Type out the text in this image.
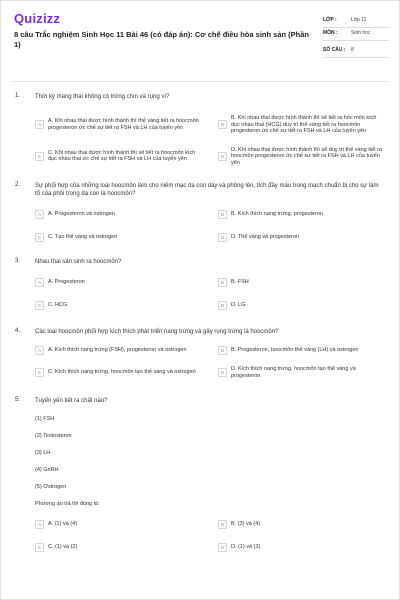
Quizizz
8 câu Trắc nghiệm Sinh Học 11 Bài 46 (có đáp án): Cơ chế điều hòa sinh sản (Phần 1)
LỚP :	Lớp 11
MÔN :	Sinh học
SỐ CÂU :	8
1. Thời kỳ mang thai không có trứng chín và rụng vì?
A
A. Khi nhau thai được hình thành thì thể vàng tiết ra hoocmôn progesteron ức chế sự tiết ra FSH và LH của tuyến yên	B
B. Khi nhau thai được hình thành thì sẽ tiết ra hóc môn kích dục nhau thai (HCG) duy trì thể vàng tiết ra hoocmôn progesteron ức chế sự tiết ra FSH và LH của tuyến yên
C
C. Khi nhau thai được hình thành thì sẽ tiết ra hoocmôn kích dục nhau thai ức chế sự tiết ra FSH và LH của tuyến yên	D
D. Khi nhau thai được hình thành thì sẽ duy trì thể vàng tiết ra hoocmôn progesteron ức chế sự tiết ra FSH và LH của tuyến yên
2. Sự phối hợp của những loại hoocmôn làm cho niêm mạc dạ con dày và phồng lên, tích đầy máu trong mạch chuẩn bị cho sự làm tổ của phôi trong dạ con là hoocmôn?
A	A. Progesteron và ostrogen	B	B. Kích thích nang trứng, progesteron
C	C. Tạo thể vàng và ostrogen	D	D. Thể vàng và progesteron
3. Nhau thai sản sinh ra hoocmôn?
A	A. Progesteron	B	B. FSH
C	C. HCG	D	D. LG
4. Các loại hoocmôn phối hợp kích thích phát triển nang trứng và gây rụng trứng là hoocmôn?
A	A. Kích thích nang trứng (FSH), progesteron và ostrogen	B	B. Progesteron, hoocmôn thể vàng (LH) và ostrogen
C	C. Kích thích nang trứng, hoocmôn tạo thể vàng và ostrogen	D
D. Kích thích nang trứng, hoocmôn tạo thể vàng và progesteron
5. Tuyến yên tiết ra chất nào?
(1) FSH
(2) Testosteron
(3) LH
(4) GnRH
(5) Ơstrogen
Phương án trả lời đúng là:
A	A. (1) và (4)	B	B. (3) và (4)
C	C. (1) và (2)	D	D. (1) và (3)
